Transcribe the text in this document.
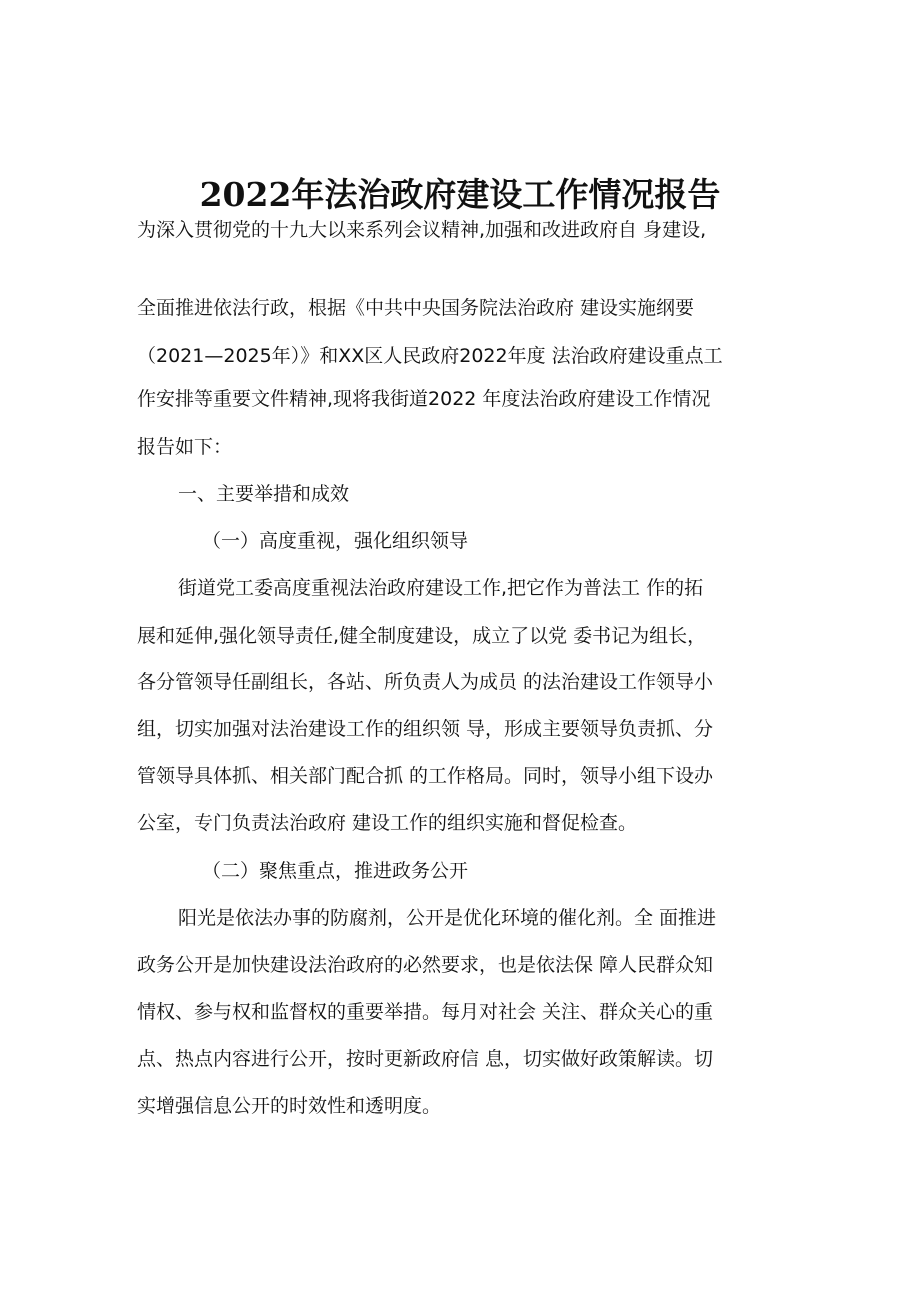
2022年法治政府建设工作情况报告
为深入贯彻党的十九大以来系列会议精神,加强和改进政府自 身建设,
全面推进依法行政，根据《中共中央国务院法治政府 建设实施纲要
（2021—2025年）》和XX区人民政府2022年度 法治政府建设重点工
作安排等重要文件精神,现将我街道2022 年度法治政府建设工作情况
报告如下：
一、主要举措和成效
（一）高度重视，强化组织领导
街道党工委高度重视法治政府建设工作,把它作为普法工 作的拓
展和延伸,强化领导责任,健全制度建设，成立了以党 委书记为组长，
各分管领导任副组长，各站、所负责人为成员 的法治建设工作领导小
组，切实加强对法治建设工作的组织领 导，形成主要领导负责抓、分
管领导具体抓、相关部门配合抓 的工作格局。同时，领导小组下设办
公室，专门负责法治政府 建设工作的组织实施和督促检查。
（二）聚焦重点，推进政务公开
阳光是依法办事的防腐剂，公开是优化环境的催化剂。全 面推进
政务公开是加快建设法治政府的必然要求，也是依法保 障人民群众知
情权、参与权和监督权的重要举措。每月对社会 关注、群众关心的重
点、热点内容进行公开，按时更新政府信 息，切实做好政策解读。切
实增强信息公开的时效性和透明度。
